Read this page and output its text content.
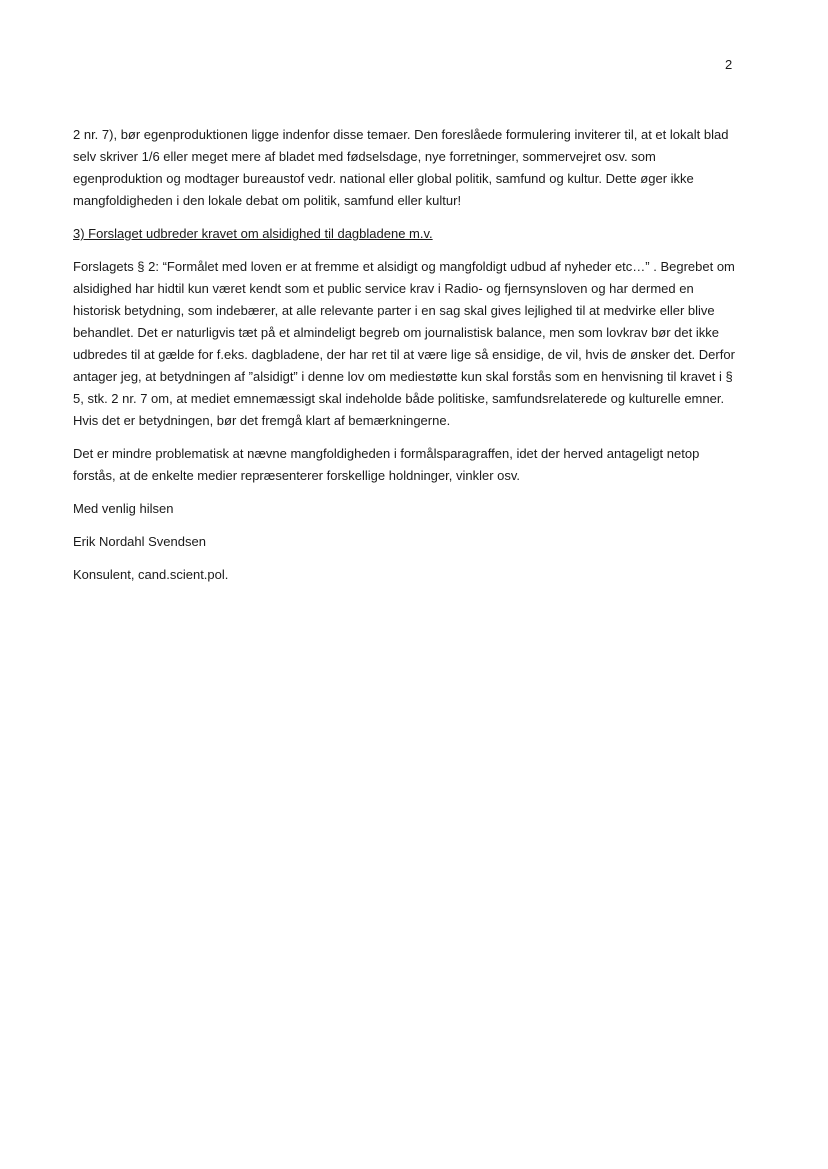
2

2 nr. 7), bør egenproduktionen ligge indenfor disse temaer. Den foreslåede formulering inviterer til, at et lokalt blad selv skriver 1/6 eller meget mere af bladet med fødselsdage, nye forretninger, sommervejret osv. som egenproduktion og modtager bureaustof vedr. national eller global politik, samfund og kultur. Dette øger ikke mangfoldigheden i den lokale debat om politik, samfund eller kultur!

3) Forslaget udbreder kravet om alsidighed til dagbladene m.v.

Forslagets § 2: “Formålet med loven er at fremme et alsidigt og mangfoldigt udbud af nyheder etc…” . Begrebet om alsidighed har hidtil kun været kendt som et public service krav i Radio- og fjernsynsloven og har dermed en historisk betydning, som indebærer, at alle relevante parter i en sag skal gives lejlighed til at medvirke eller blive behandlet. Det er naturligvis tæt på et almindeligt begreb om journalistisk balance, men som lovkrav bør det ikke udbredes til at gælde for f.eks. dagbladene, der har ret til at være lige så ensidige, de vil, hvis de ønsker det. Derfor antager jeg, at betydningen af ”alsidigt” i denne lov om mediestøtte kun skal forstås som en henvisning til kravet i § 5, stk. 2 nr. 7 om, at mediet emnemæssigt skal indeholde både politiske, samfundsrelaterede og kulturelle emner. Hvis det er betydningen, bør det fremgå klart af bemærkningerne.

Det er mindre problematisk at nævne mangfoldigheden i formålsparagraffen, idet der herved antageligt netop forstås, at de enkelte medier repræsenterer forskellige holdninger, vinkler osv.

Med venlig hilsen

Erik Nordahl Svendsen

Konsulent, cand.scient.pol.
